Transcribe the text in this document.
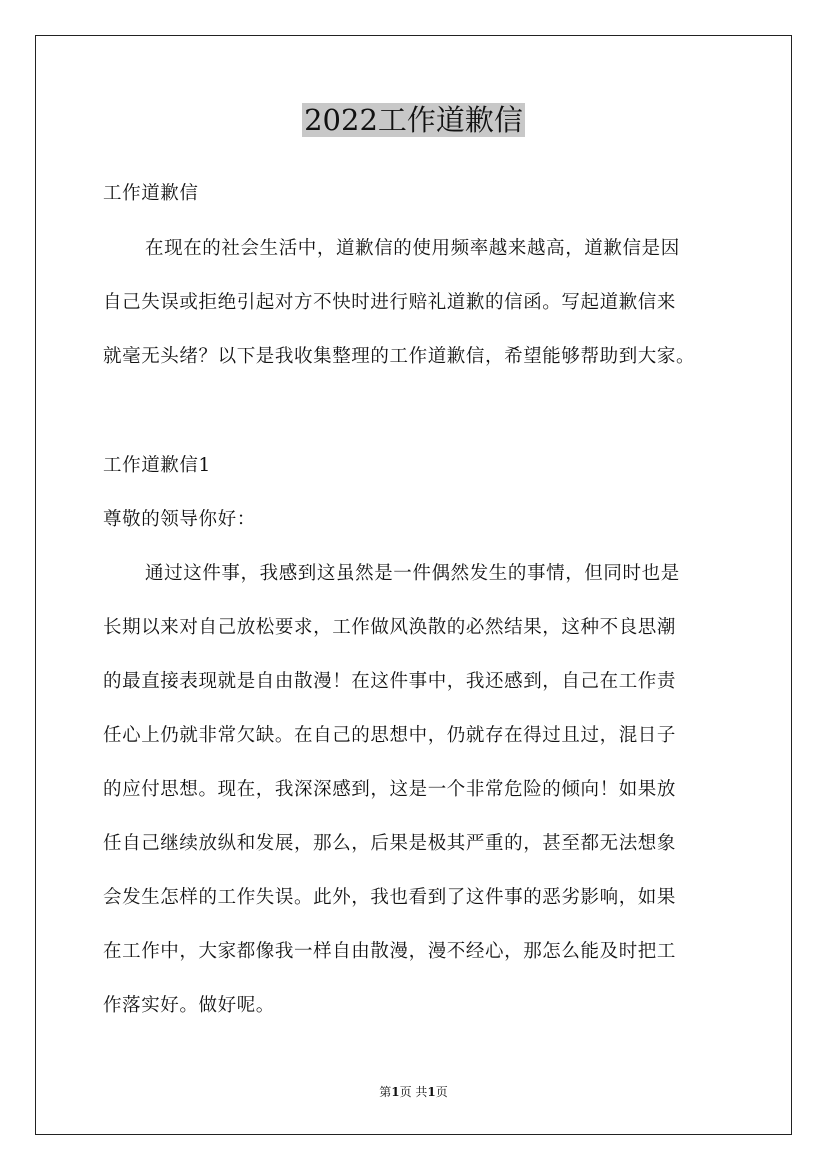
2022工作道歉信
工作道歉信
在现在的社会生活中，道歉信的使用频率越来越高，道歉信是因
自己失误或拒绝引起对方不快时进行赔礼道歉的信函。写起道歉信来
就毫无头绪？以下是我收集整理的工作道歉信，希望能够帮助到大家。
工作道歉信1
尊敬的领导你好：
通过这件事，我感到这虽然是一件偶然发生的事情，但同时也是
长期以来对自己放松要求，工作做风涣散的必然结果，这种不良思潮
的最直接表现就是自由散漫！在这件事中，我还感到，自己在工作责
任心上仍就非常欠缺。在自己的思想中，仍就存在得过且过，混日子
的应付思想。现在，我深深感到，这是一个非常危险的倾向！如果放
任自己继续放纵和发展，那么，后果是极其严重的，甚至都无法想象
会发生怎样的工作失误。此外，我也看到了这件事的恶劣影响，如果
在工作中，大家都像我一样自由散漫，漫不经心，那怎么能及时把工
作落实好。做好呢。
第1页 共1页
